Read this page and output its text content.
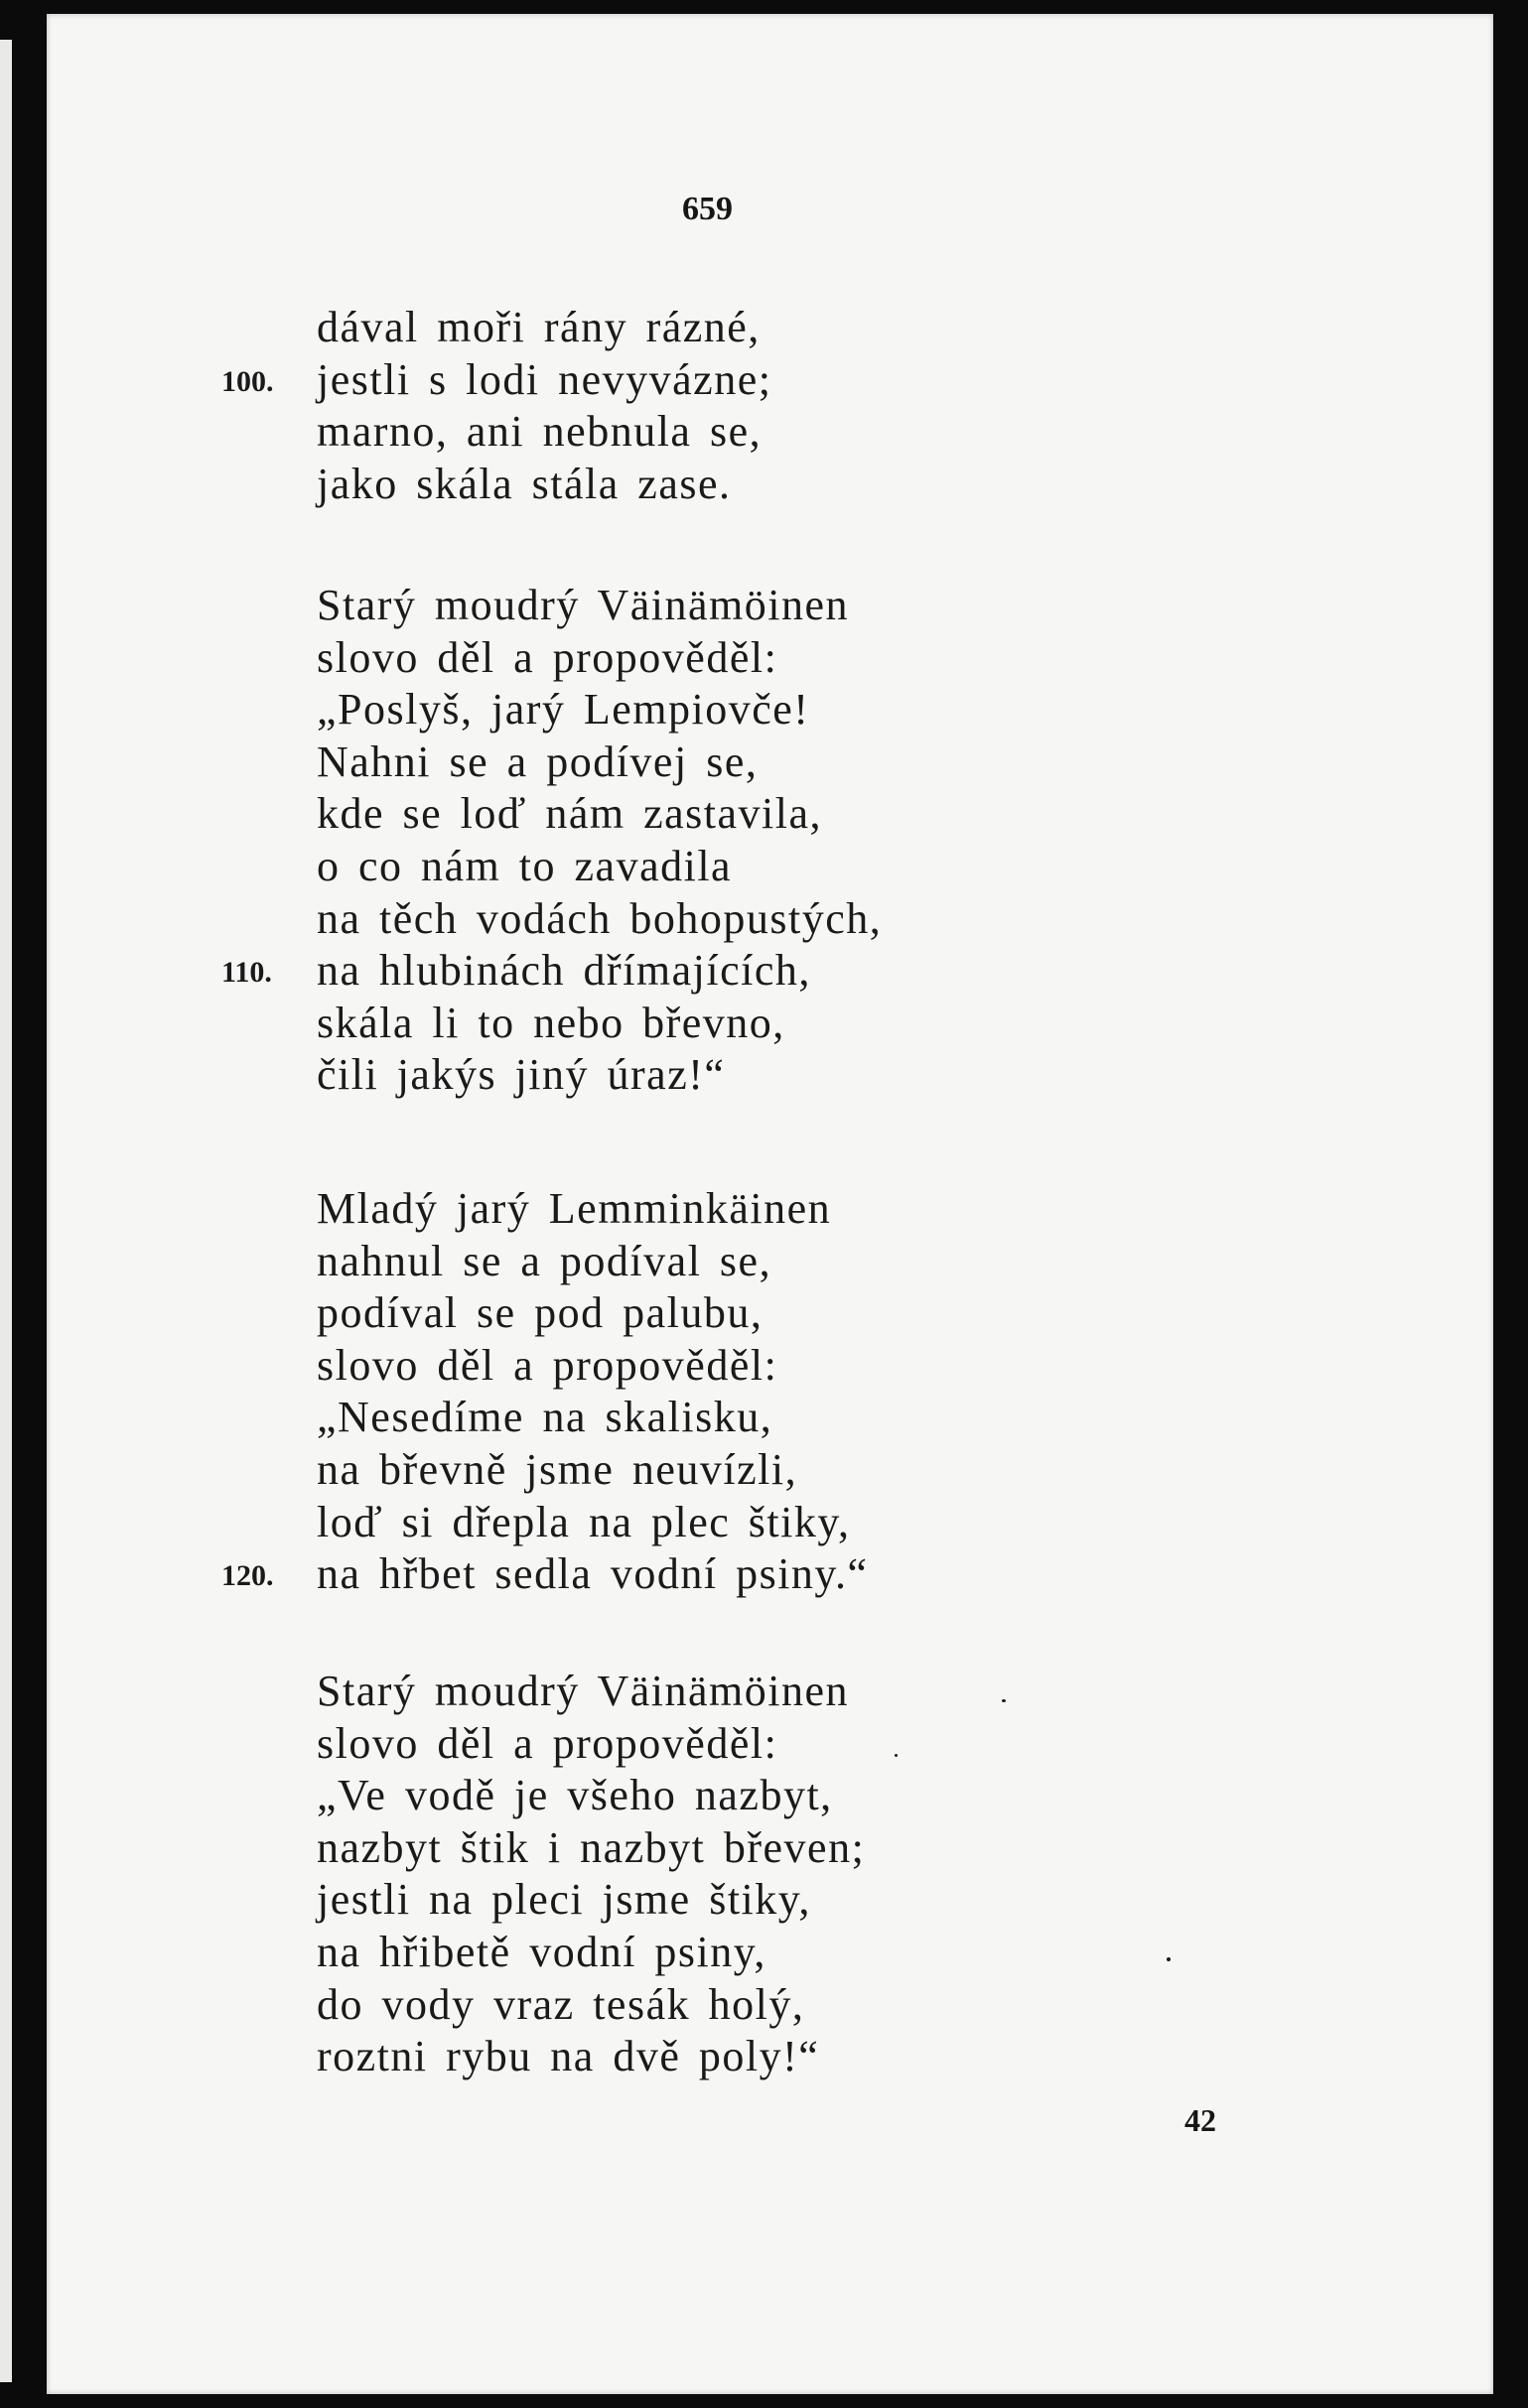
659
dával moři rány rázné,
100. jestli s lodi nevyvázne;
marno, ani nebnula se,
jako skála stála zase.
Starý moudrý Väinämöinen
slovo děl a propověděl:
„Poslyš, jarý Lempiovče!
Nahni se a podívej se,
kde se loď nám zastavila,
o co nám to zavadila
na těch vodách bohopustých,
110. na hlubinách dřímajících,
skála li to nebo břevno,
čili jakýs jiný úraz!“
Mladý jarý Lemminkäinen
nahnul se a podíval se,
podíval se pod palubu,
slovo děl a propověděl:
„Nesedíme na skalisku,
na břevně jsme neuvízli,
loď si dřepla na plec štiky,
120. na hřbet sedla vodní psiny.“
Starý moudrý Väinämöinen
slovo děl a propověděl:
„Ve vodě je všeho nazbyt,
nazbyt štik i nazbyt břeven;
jestli na pleci jsme štiky,
na hřibetě vodní psiny,
do vody vraz tesák holý,
roztni rybu na dvě poly!“
42
